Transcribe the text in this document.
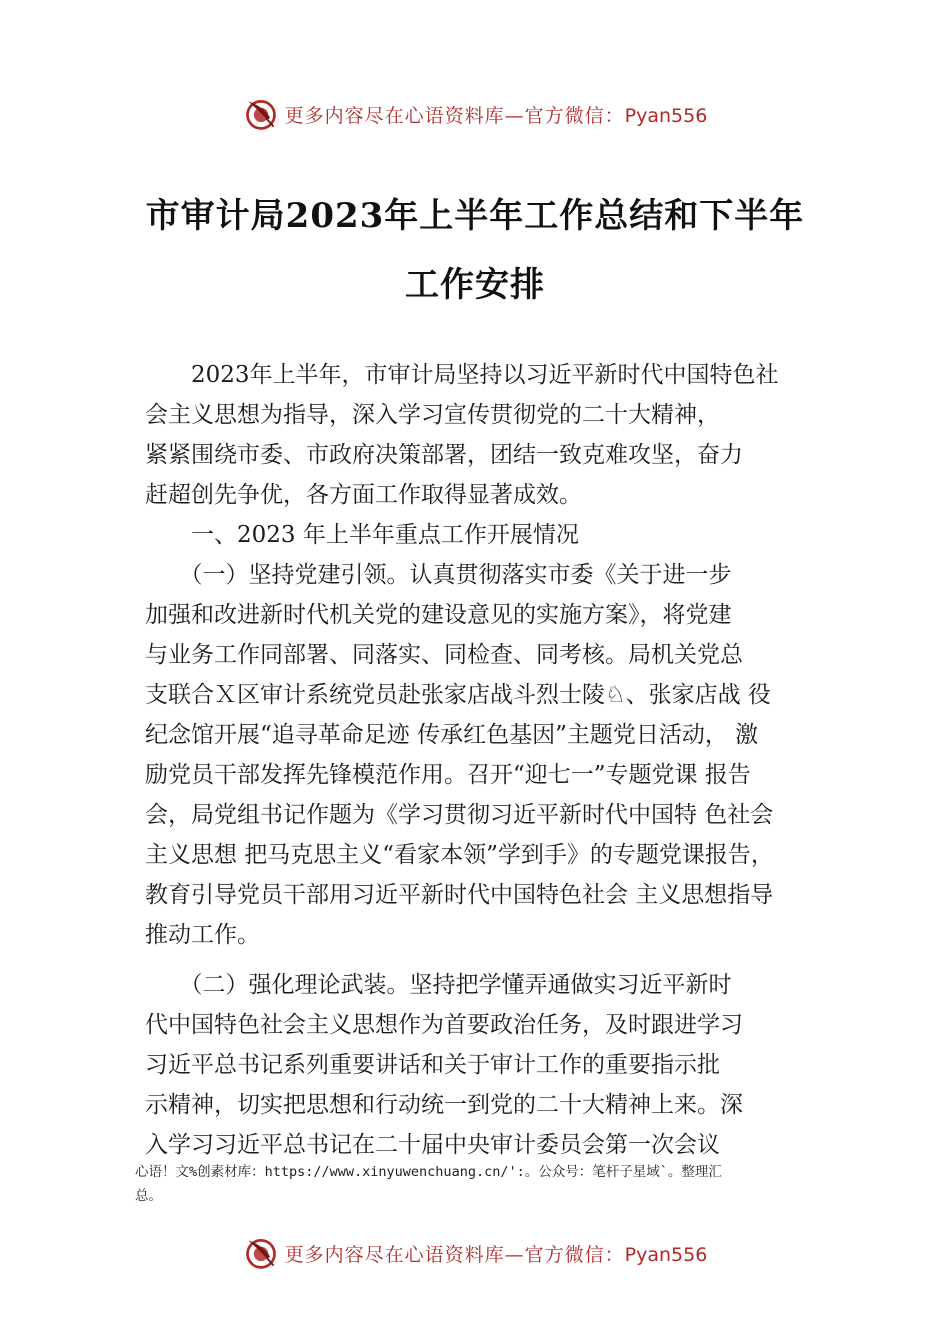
更多内容尽在心语资料库—官方微信：Pyan556
市审计局2023年上半年工作总结和下半年
工作安排
　　2023年上半年，市审计局坚持以习近平新时代中国特色社
会主义思想为指导，深入学习宣传贯彻党的二十大精神，
紧紧围绕市委、市政府决策部署，团结一致克难攻坚，奋力
赶超创先争优，各方面工作取得显著成效。
　　一、2023 年上半年重点工作开展情况
　　（一）坚持党建引领。认真贯彻落实市委《关于进一步
加强和改进新时代机关党的建设意见的实施方案》，将党建
与业务工作同部署、同落实、同检查、同考核。局机关党总
支联合Ｘ区审计系统党员赴张家店战斗烈士陵♘、张家店战 役
纪念馆开展“追寻革命足迹 传承红色基因”主题党日活动， 激
励党员干部发挥先锋模范作用。召开“迎七一”专题党课 报告
会，局党组书记作题为《学习贯彻习近平新时代中国特 色社会
主义思想 把马克思主义“看家本领”学到手》的专题党课报告，
教育引导党员干部用习近平新时代中国特色社会 主义思想指导
推动工作。
　　（二）强化理论武装。坚持把学懂弄通做实习近平新时
代中国特色社会主义思想作为首要政治任务，及时跟进学习
习近平总书记系列重要讲话和关于审计工作的重要指示批
示精神，切实把思想和行动统一到党的二十大精神上来。深
入学习习近平总书记在二十届中央审计委员会第一次会议
心语！文%创素材库：https://www.xinyuwenchuang.cn/':。公众号：笔杆子星域`。整理汇
总。
更多内容尽在心语资料库—官方微信：Pyan556
